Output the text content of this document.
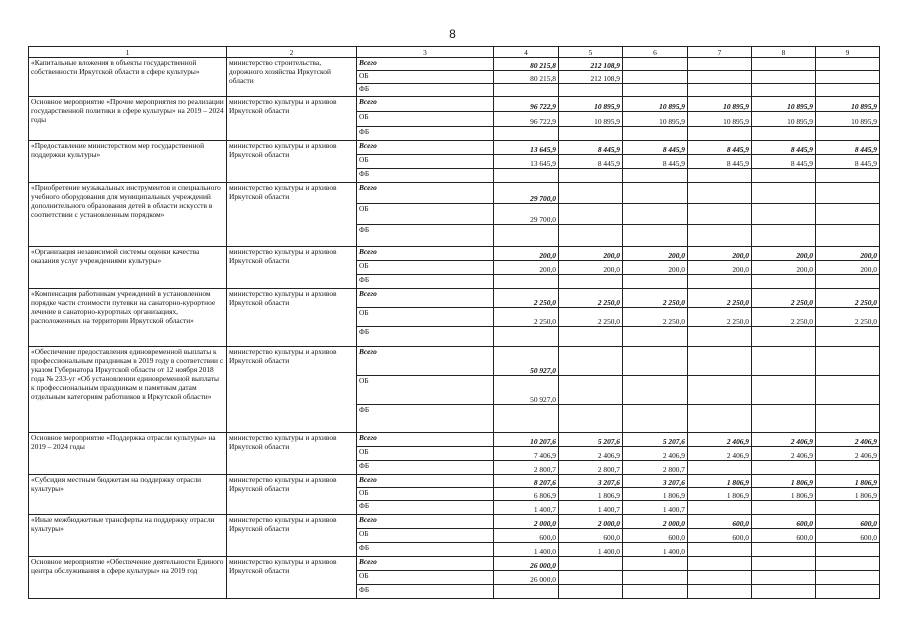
8
1	2	3	4	5	6	7	8	9
«Капитальные вложения в объекты государственной собственности Иркутской области в сфере культуры»	министерство строительства, дорожного хозяйства Иркутской области	Всего	80 215,8	212 108,9				
		ОБ	80 215,8	212 108,9				
		ФБ						
Основное мероприятие «Прочие мероприятия по реализации государственной политики в сфере культуры» на 2019 – 2024 годы	министерство культуры и архивов Иркутской области	Всего	96 722,9	10 895,9	10 895,9	10 895,9	10 895,9	10 895,9
		ОБ	96 722,9	10 895,9	10 895,9	10 895,9	10 895,9	10 895,9
		ФБ						
«Предоставление министерством мер государственной поддержки культуры»	министерство культуры и архивов Иркутской области	Всего	13 645,9	8 445,9	8 445,9	8 445,9	8 445,9	8 445,9
		ОБ	13 645,9	8 445,9	8 445,9	8 445,9	8 445,9	8 445,9
		ФБ						
«Приобретение музыкальных инструментов и специального учебного оборудования для муниципальных учреждений дополнительного образования детей в области искусств в соответствии с установленным порядком»	министерство культуры и архивов Иркутской области	Всего	29 700,0					
		ОБ	29 700,0					
		ФБ						
«Организация независимой системы оценки качества оказания услуг учреждениями культуры»	министерство культуры и архивов Иркутской области	Всего	200,0	200,0	200,0	200,0	200,0	200,0
		ОБ	200,0	200,0	200,0	200,0	200,0	200,0
		ФБ						
«Компенсация работникам учреждений в установленном порядке части стоимости путевки на санаторно-курортное лечение в санаторно-курортных организациях, расположенных на территории Иркутской области»	министерство культуры и архивов Иркутской области	Всего	2 250,0	2 250,0	2 250,0	2 250,0	2 250,0	2 250,0
		ОБ	2 250,0	2 250,0	2 250,0	2 250,0	2 250,0	2 250,0
		ФБ						
«Обеспечение предоставления единовременной выплаты к профессиональным праздникам в 2019 году в соответствии с указом Губернатора Иркутской области от 12 ноября 2018 года № 233-уг «Об установлении единовременной выплаты к профессиональным праздникам и памятным датам отдельным категориям работников в Иркутской области»	министерство культуры и архивов Иркутской области	Всего	50 927,0					
		ОБ	50 927,0					
		ФБ						
Основное мероприятие «Поддержка отрасли культуры» на 2019 – 2024 годы	министерство культуры и архивов Иркутской области	Всего	10 207,6	5 207,6	5 207,6	2 406,9	2 406,9	2 406,9
		ОБ	7 406,9	2 406,9	2 406,9	2 406,9	2 406,9	2 406,9
		ФБ	2 800,7	2 800,7	2 800,7			
«Субсидия местным бюджетам на поддержку отрасли культуры»	министерство культуры и архивов Иркутской области	Всего	8 207,6	3 207,6	3 207,6	1 806,9	1 806,9	1 806,9
		ОБ	6 806,9	1 806,9	1 806,9	1 806,9	1 806,9	1 806,9
		ФБ	1 400,7	1 400,7	1 400,7			
«Иные межбюджетные трансферты на поддержку отрасли культуры»	министерство культуры и архивов Иркутской области	Всего	2 000,0	2 000,0	2 000,0	600,0	600,0	600,0
		ОБ	600,0	600,0	600,0	600,0	600,0	600,0
		ФБ	1 400,0	1 400,0	1 400,0			
Основное мероприятие «Обеспечение деятельности Единого центра обслуживания в сфере культуры» на 2019 год	министерство культуры и архивов Иркутской области	Всего	26 000,0					
		ОБ	26 000,0					
		ФБ						
